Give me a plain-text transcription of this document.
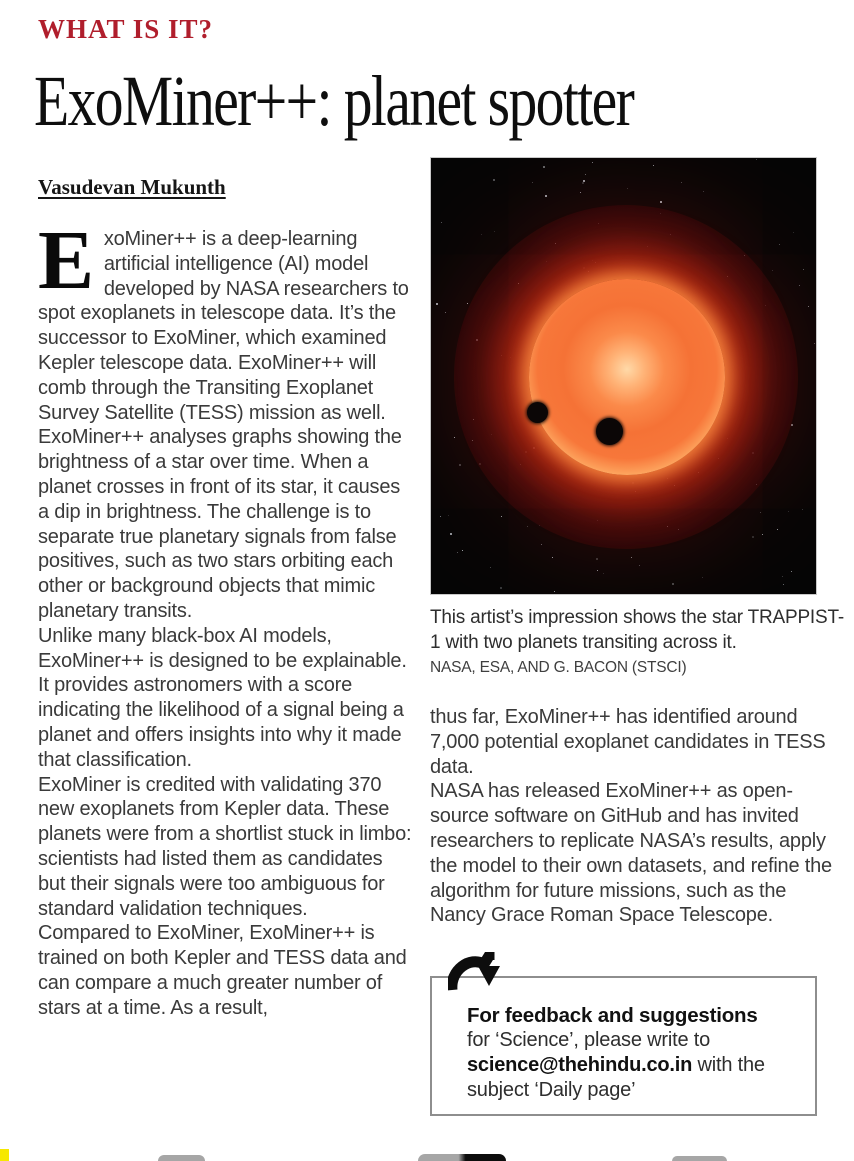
WHAT IS IT?
ExoMiner++: planet spotter
Vasudevan Mukunth

ExoMiner++ is a deep-learning artificial intelligence (AI) model developed by NASA researchers to spot exoplanets in telescope data. It’s the successor to ExoMiner, which examined Kepler telescope data. ExoMiner++ will comb through the Transiting Exoplanet Survey Satellite (TESS) mission as well.

ExoMiner++ analyses graphs showing the brightness of a star over time. When a planet crosses in front of its star, it causes a dip in brightness. The challenge is to separate true planetary signals from false positives, such as two stars orbiting each other or background objects that mimic planetary transits.

Unlike many black-box AI models, ExoMiner++ is designed to be explainable. It provides astronomers with a score indicating the likelihood of a signal being a planet and offers insights into why it made that classification.

ExoMiner is credited with validating 370 new exoplanets from Kepler data. These planets were from a shortlist stuck in limbo: scientists had listed them as candidates but their signals were too ambiguous for standard validation techniques.

Compared to ExoMiner, ExoMiner++ is trained on both Kepler and TESS data and can compare a much greater number of stars at a time. As a result,

This artist’s impression shows the star TRAPPIST-1 with two planets transiting across it.
NASA, ESA, AND G. BACON (STSCI)

thus far, ExoMiner++ has identified around 7,000 potential exoplanet candidates in TESS data.

NASA has released ExoMiner++ as open-source software on GitHub and has invited researchers to replicate NASA’s results, apply the model to their own datasets, and refine the algorithm for future missions, such as the Nancy Grace Roman Space Telescope.

For feedback and suggestions
for ‘Science’, please write to
science@thehindu.co.in with the
subject ‘Daily page’
